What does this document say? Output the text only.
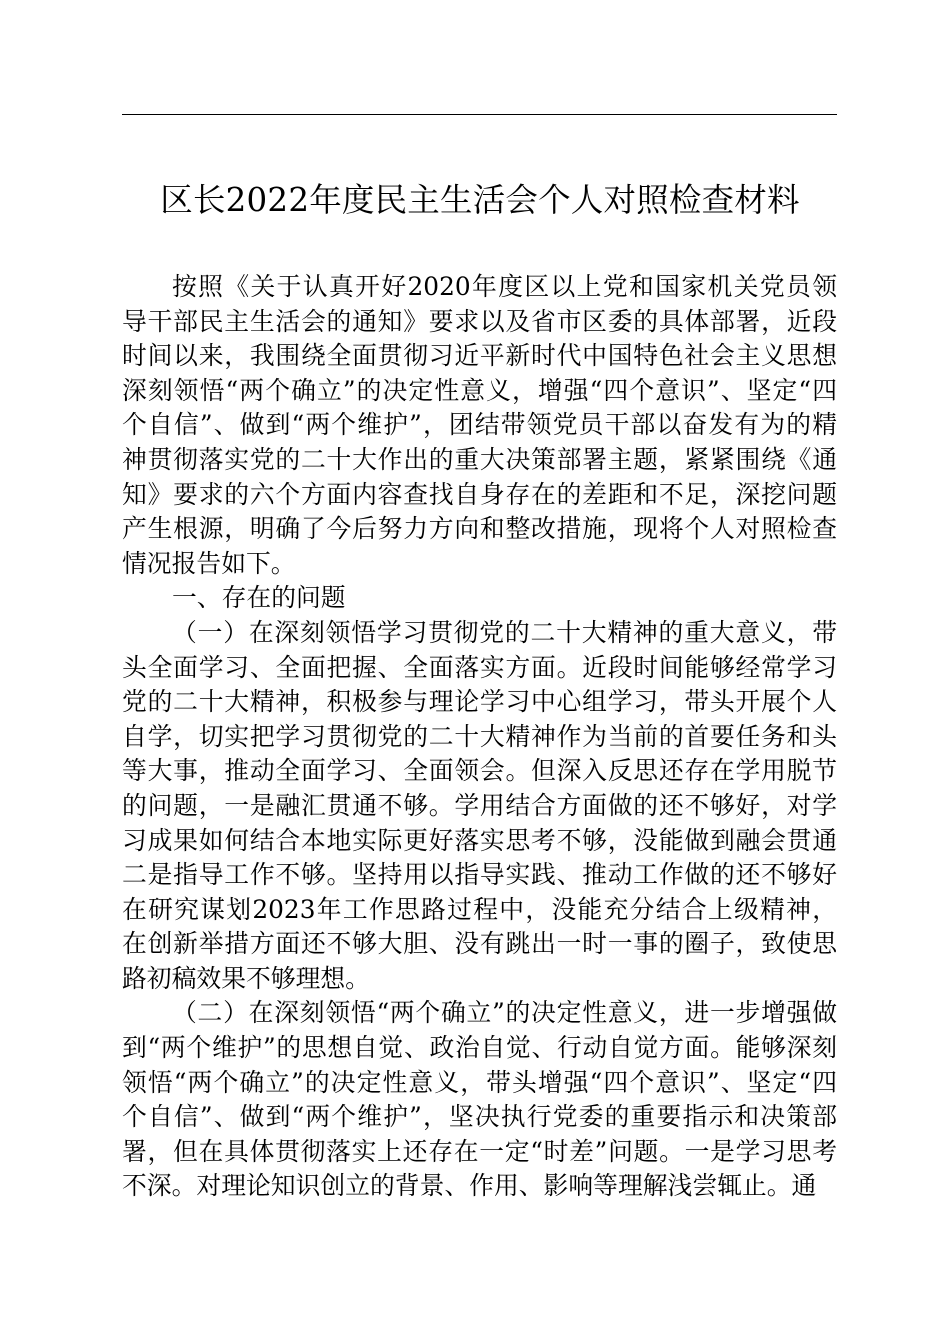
区长2022年度民主生活会个人对照检查材料
按照《关于认真开好2020年度区以上党和国家机关党员领
导干部民主生活会的通知》要求以及省市区委的具体部署，近段
时间以来，我围绕全面贯彻习近平新时代中国特色社会主义思想
深刻领悟“两个确立”的决定性意义，增强“四个意识”、坚定“四
个自信”、做到“两个维护”，团结带领党员干部以奋发有为的精
神贯彻落实党的二十大作出的重大决策部署主题，紧紧围绕《通
知》要求的六个方面内容查找自身存在的差距和不足，深挖问题
产生根源，明确了今后努力方向和整改措施，现将个人对照检查
情况报告如下。
一、存在的问题
（一）在深刻领悟学习贯彻党的二十大精神的重大意义，带
头全面学习、全面把握、全面落实方面。近段时间能够经常学习
党的二十大精神，积极参与理论学习中心组学习，带头开展个人
自学，切实把学习贯彻党的二十大精神作为当前的首要任务和头
等大事，推动全面学习、全面领会。但深入反思还存在学用脱节
的问题，一是融汇贯通不够。学用结合方面做的还不够好，对学
习成果如何结合本地实际更好落实思考不够，没能做到融会贯通
二是指导工作不够。坚持用以指导实践、推动工作做的还不够好
在研究谋划2023年工作思路过程中，没能充分结合上级精神，
在创新举措方面还不够大胆、没有跳出一时一事的圈子，致使思
路初稿效果不够理想。
（二）在深刻领悟“两个确立”的决定性意义，进一步增强做
到“两个维护”的思想自觉、政治自觉、行动自觉方面。能够深刻
领悟“两个确立”的决定性意义，带头增强“四个意识”、坚定“四
个自信”、做到“两个维护”，坚决执行党委的重要指示和决策部
署，但在具体贯彻落实上还存在一定“时差”问题。一是学习思考
不深。对理论知识创立的背景、作用、影响等理解浅尝辄止。通
